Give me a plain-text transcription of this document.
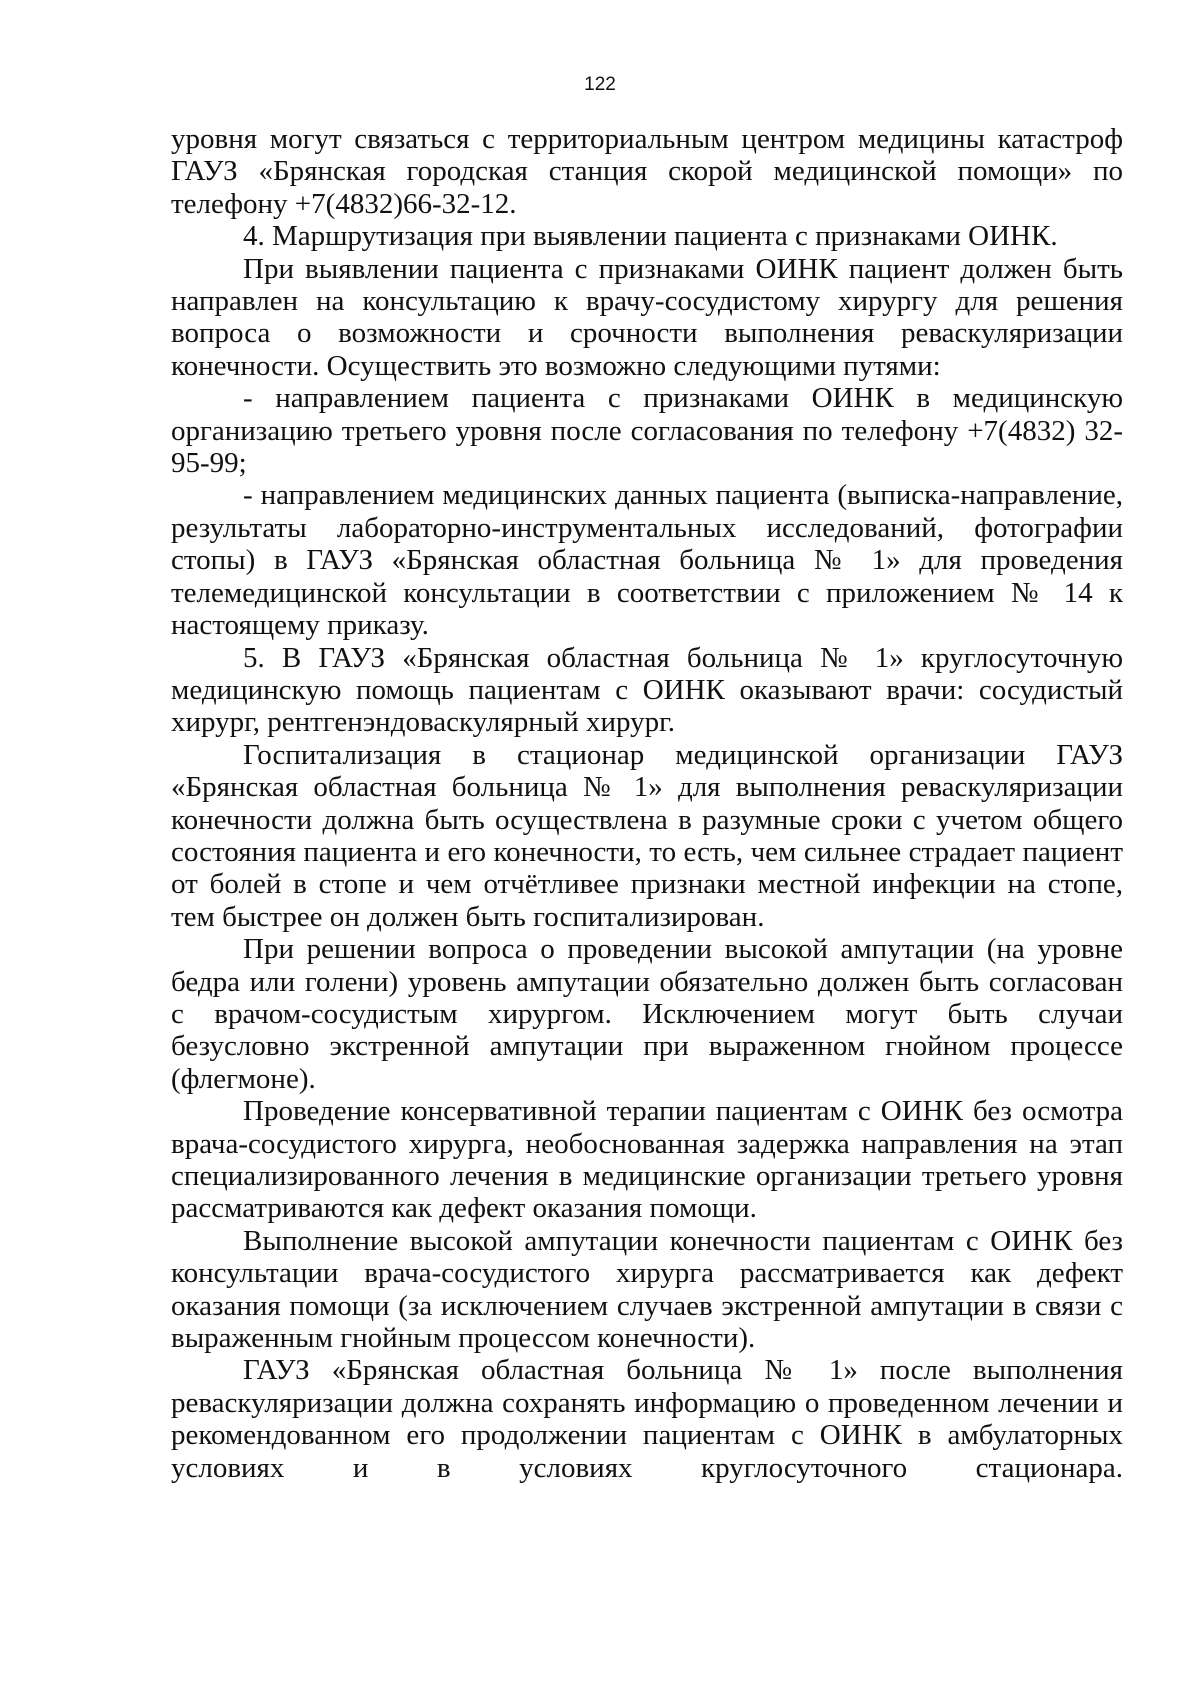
122

уровня могут связаться с территориальным центром медицины катастроф ГАУЗ «Брянская городская станция скорой медицинской помощи» по телефону +7(4832)66-32-12.

4. Маршрутизация при выявлении пациента с признаками ОИНК.

При выявлении пациента с признаками ОИНК пациент должен быть направлен на консультацию к врачу-сосудистому хирургу для решения вопроса о возможности и срочности выполнения реваскуляризации конечности. Осуществить это возможно следующими путями:

- направлением пациента с признаками ОИНК в медицинскую организацию третьего уровня после согласования по телефону +7(4832) 32-95-99;

- направлением медицинских данных пациента (выписка-направление, результаты лабораторно-инструментальных исследований, фотографии стопы) в ГАУЗ «Брянская областная больница № 1» для проведения телемедицинской консультации в соответствии с приложением № 14 к настоящему приказу.

5. В ГАУЗ «Брянская областная больница № 1» круглосуточную медицинскую помощь пациентам с ОИНК оказывают врачи: сосудистый хирург, рентгенэндоваскулярный хирург.

Госпитализация в стационар медицинской организации ГАУЗ «Брянская областная больница № 1» для выполнения реваскуляризации конечности должна быть осуществлена в разумные сроки с учетом общего состояния пациента и его конечности, то есть, чем сильнее страдает пациент от болей в стопе и чем отчётливее признаки местной инфекции на стопе, тем быстрее он должен быть госпитализирован.

При решении вопроса о проведении высокой ампутации (на уровне бедра или голени) уровень ампутации обязательно должен быть согласован с врачом-сосудистым хирургом. Исключением могут быть случаи безусловно экстренной ампутации при выраженном гнойном процессе (флегмоне).

Проведение консервативной терапии пациентам с ОИНК без осмотра врача-сосудистого хирурга, необоснованная задержка направления на этап специализированного лечения в медицинские организации третьего уровня рассматриваются как дефект оказания помощи.

Выполнение высокой ампутации конечности пациентам с ОИНК без консультации врача-сосудистого хирурга рассматривается как дефект оказания помощи (за исключением случаев экстренной ампутации в связи с выраженным гнойным процессом конечности).

ГАУЗ «Брянская областная больница № 1» после выполнения реваскуляризации должна сохранять информацию о проведенном лечении и рекомендованном его продолжении пациентам с ОИНК в амбулаторных условиях и в условиях круглосуточного стационара.
